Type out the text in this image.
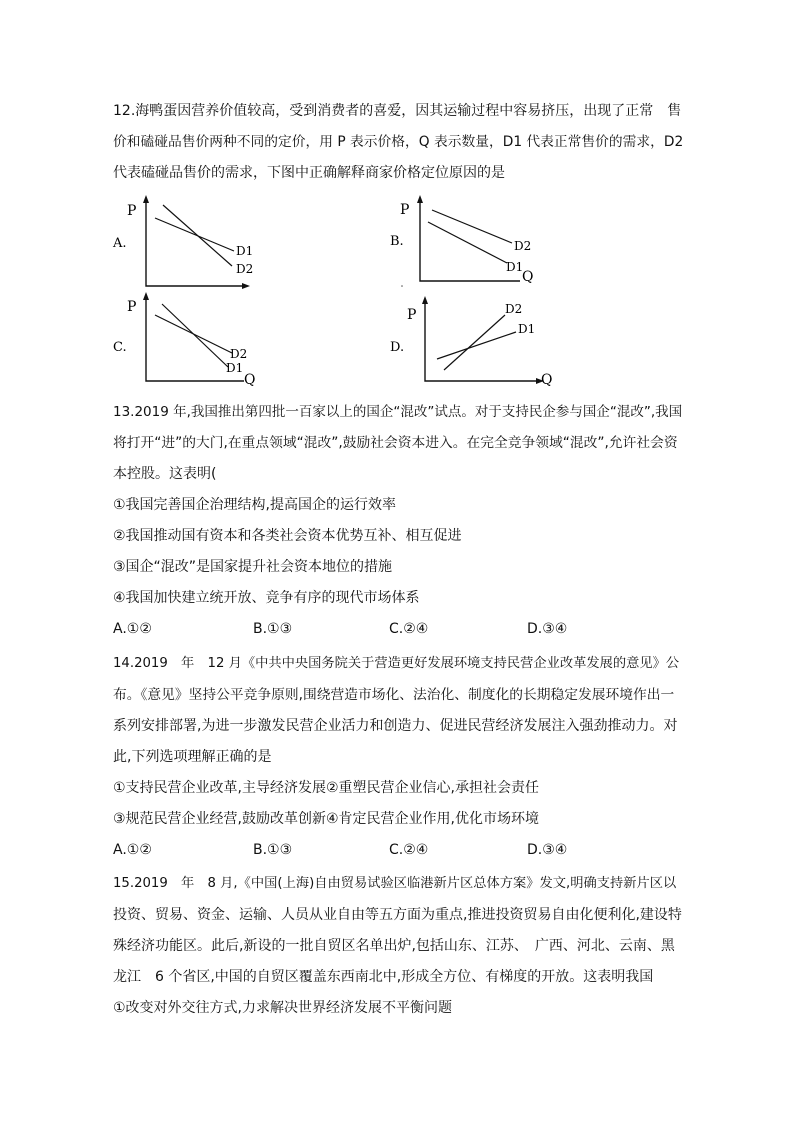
12.海鸭蛋因营养价值较高，受到消费者的喜爱，因其运输过程中容易挤压，出现了正常　售
价和磕碰品售价两种不同的定价，用 P 表示价格，Q 表示数量，D1 代表正常售价的需求，D2
代表磕碰品售价的需求，下图中正确解释商家价格定位原因的是
A.
P
D1
D2
B.
P
D2
D1
Q
C.
P
D2
D1
Q
D.
P	D2
D1
Q
13.2019 年,我国推出第四批一百家以上的国企“混改”试点。对于支持民企参与国企“混改”,我国
将打开“进”的大门,在重点领域“混改”,鼓励社会资本进入。在完全竞争领域“混改”,允许社会资
本控股。这表明(
①我国完善国企治理结构,提高国企的运行效率
②我国推动国有资本和各类社会资本优势互补、相互促进
③国企“混改”是国家提升社会资本地位的措施
④我国加快建立统开放、竞争有序的现代市场体系
A.①②	B.①③	C.②④	D.③④
14.2019　年　12 月《中共中央国务院关于营造更好发展环境支持民营企业改革发展的意见》公
布。《意见》坚持公平竞争原则,围绕营造市场化、法治化、制度化的长期稳定发展环境作出一
系列安排部署,为进一步激发民营企业活力和创造力、促进民营经济发展注入强劲推动力。对
此,下列选项理解正确的是
①支持民营企业改革,主导经济发展②重塑民营企业信心,承担社会责任
③规范民营企业经营,鼓励改革创新④肯定民营企业作用,优化市场环境
A.①②	B.①③	C.②④	D.③④
15.2019　年　8 月,《中国(上海)自由贸易试验区临港新片区总体方案》发文,明确支持新片区以
投资、贸易、资金、运输、人员从业自由等五方面为重点,推进投资贸易自由化便利化,建设特
殊经济功能区。此后,新设的一批自贸区名单出炉,包括山东、江苏、　广西、河北、云南、黑
龙江　6 个省区,中国的自贸区覆盖东西南北中,形成全方位、有梯度的开放。这表明我国
①改变对外交往方式,力求解决世界经济发展不平衡问题
